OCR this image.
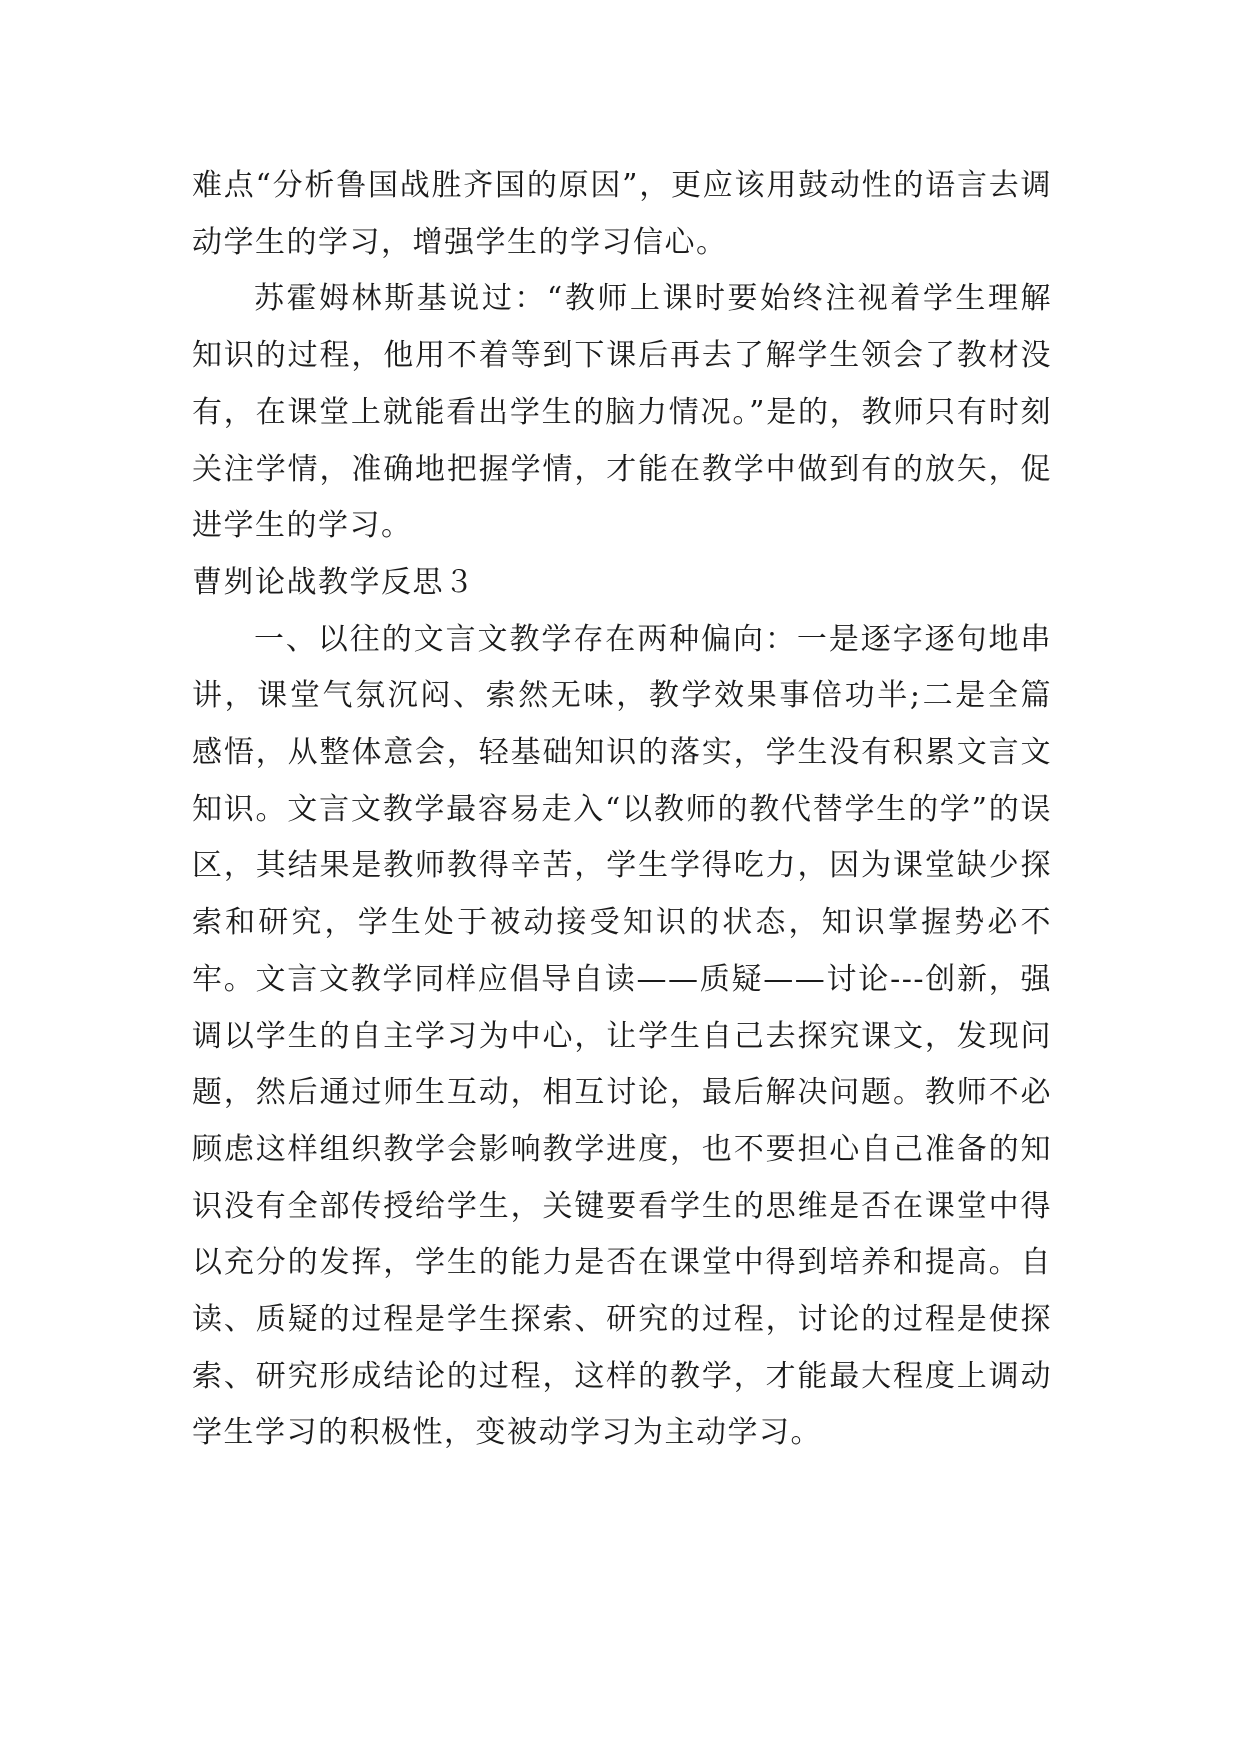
难点“分析鲁国战胜齐国的原因”，更应该用鼓动性的语言去调动学生的学习，增强学生的学习信心。

苏霍姆林斯基说过：“教师上课时要始终注视着学生理解知识的过程，他用不着等到下课后再去了解学生领会了教材没有，在课堂上就能看出学生的脑力情况。”是的，教师只有时刻关注学情，准确地把握学情，才能在教学中做到有的放矢，促进学生的学习。

曹刿论战教学反思３

一、以往的文言文教学存在两种偏向：一是逐字逐句地串讲，课堂气氛沉闷、索然无味，教学效果事倍功半;二是全篇感悟，从整体意会，轻基础知识的落实，学生没有积累文言文知识。文言文教学最容易走入“以教师的教代替学生的学”的误区，其结果是教师教得辛苦，学生学得吃力，因为课堂缺少探索和研究，学生处于被动接受知识的状态，知识掌握势必不牢。文言文教学同样应倡导自读——质疑——讨论---创新，强调以学生的自主学习为中心，让学生自己去探究课文，发现问题，然后通过师生互动，相互讨论，最后解决问题。教师不必顾虑这样组织教学会影响教学进度，也不要担心自己准备的知识没有全部传授给学生，关键要看学生的思维是否在课堂中得以充分的发挥，学生的能力是否在课堂中得到培养和提高。自读、质疑的过程是学生探索、研究的过程，讨论的过程是使探索、研究形成结论的过程，这样的教学，才能最大程度上调动学生学习的积极性，变被动学习为主动学习。
